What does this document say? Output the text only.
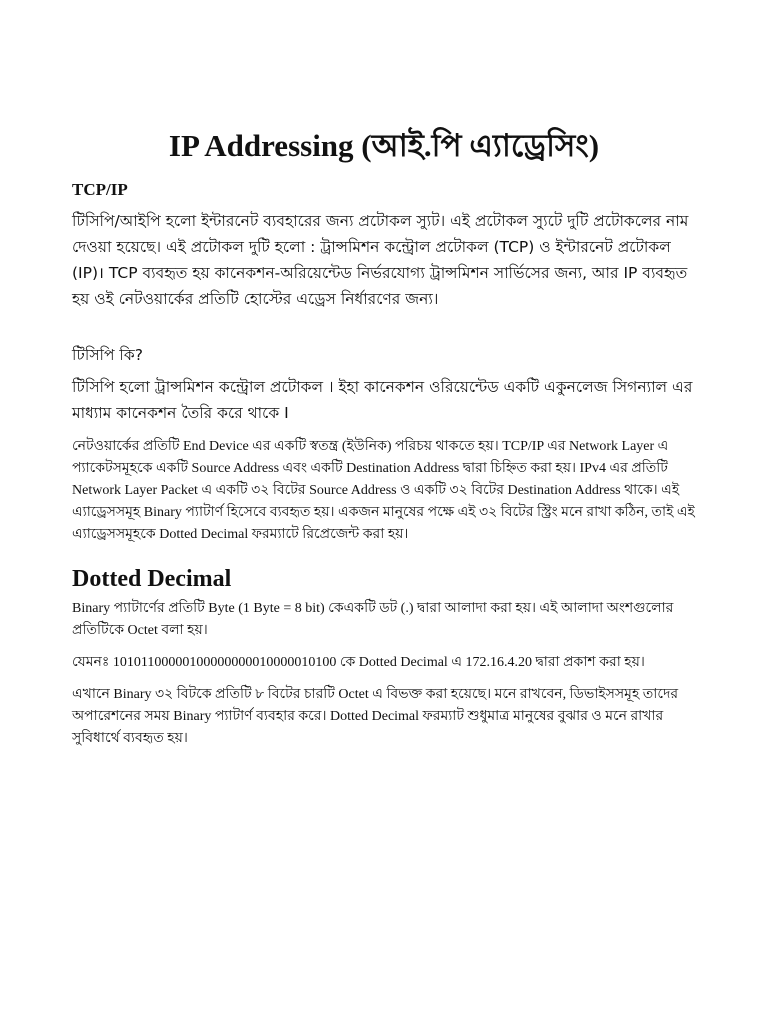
IP Addressing (আই.পি এ্যাড্রেসিং)

TCP/IP

টিসিপি/আইপি হলো ইন্টারনেট ব্যবহারের জন্য প্রটোকল স্যুট। এই প্রটোকল স্যুটে দুটি প্রটোকলের নাম দেওয়া হয়েছে। এই প্রটোকল দুটি হলো : ট্রান্সমিশন কন্ট্রোল প্রটোকল (TCP) ও ইন্টারনেট প্রটোকল (IP)। TCP ব্যবহৃত হয় কানেকশন-অরিয়েন্টেড নির্ভরযোগ্য ট্রান্সমিশন সার্ভিসের জন্য, আর IP ব্যবহৃত হয় ওই নেটওয়ার্কের প্রতিটি হোস্টের এড্রেস নির্ধারণের জন্য।

টিসিপি কি?

টিসিপি হলো ট্রান্সমিশন কন্ট্রোল প্রটোকল । ইহা কানেকশন ওরিয়েন্টেড একটি একুনলেজ সিগন্যাল এর মাধ্যাম কানেকশন তৈরি করে থাকে I

নেটওয়ার্কের প্রতিটি End Device এর একটি স্বতন্ত্র (ইউনিক) পরিচয় থাকতে হয়। TCP/IP এর Network Layer এ প্যাকেটসমূহকে একটি Source Address এবং একটি Destination Address দ্বারা চিহ্নিত করা হয়। IPv4 এর প্রতিটি Network Layer Packet এ একটি ৩২ বিটের Source Address ও একটি ৩২ বিটের Destination Address থাকে। এই এ্যাড্রেসসমূহ Binary প্যাটার্ণ হিসেবে ব্যবহৃত হয়। একজন মানুষের পক্ষে এই ৩২ বিটের স্ট্রিং মনে রাখা কঠিন, তাই এই এ্যাড্রেসসমূহকে Dotted Decimal ফরম্যাটে রিপ্রেজেন্ট করা হয়।

Dotted Decimal

Binary প্যাটার্ণের প্রতিটি Byte (1 Byte = 8 bit) কেএকটি ডট (.) দ্বারা আলাদা করা হয়। এই আলাদা অংশগুলোর প্রতিটিকে Octet বলা হয়।

যেমনঃ 10101100000100000000010000010100 কে Dotted Decimal এ 172.16.4.20 দ্বারা প্রকাশ করা হয়।

এখানে Binary ৩২ বিটকে প্রতিটি ৮ বিটের চারটি Octet এ বিভক্ত করা হয়েছে। মনে রাখবেন, ডিভাইসসমূহ তাদের অপারেশনের সময় Binary প্যাটার্ণ ব্যবহার করে। Dotted Decimal ফরম্যাট শুধুমাত্র মানুষের বুঝার ও মনে রাখার সুবিধার্থে ব্যবহৃত হয়।
